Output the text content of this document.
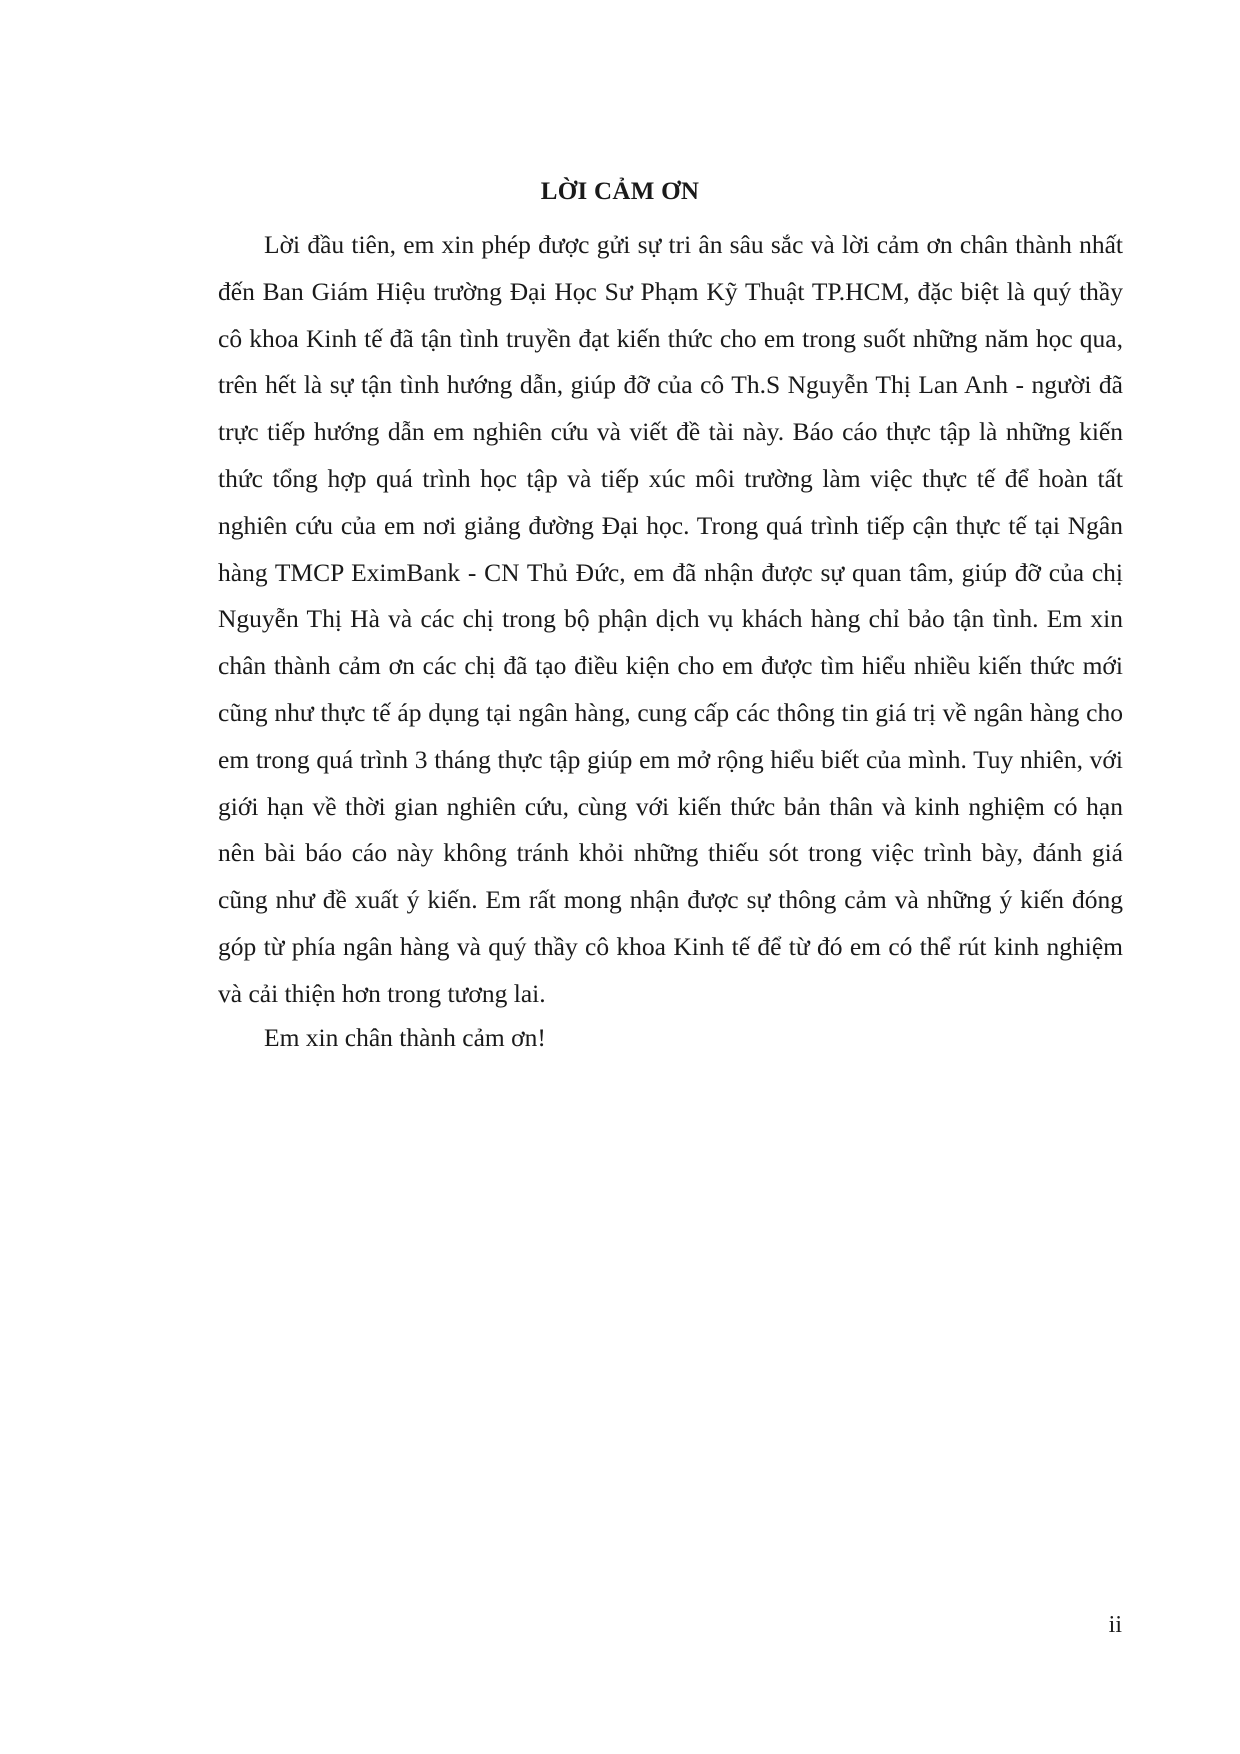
LỜI CẢM ƠN

Lời đầu tiên, em xin phép được gửi sự tri ân sâu sắc và lời cảm ơn chân thành nhất đến Ban Giám Hiệu trường Đại Học Sư Phạm Kỹ Thuật TP.HCM, đặc biệt là quý thầy cô khoa Kinh tế đã tận tình truyền đạt kiến thức cho em trong suốt những năm học qua, trên hết là sự tận tình hướng dẫn, giúp đỡ của cô Th.S Nguyễn Thị Lan Anh - người đã trực tiếp hướng dẫn em nghiên cứu và viết đề tài này. Báo cáo thực tập là những kiến thức tổng hợp quá trình học tập và tiếp xúc môi trường làm việc thực tế để hoàn tất nghiên cứu của em nơi giảng đường Đại học. Trong quá trình tiếp cận thực tế tại Ngân hàng TMCP EximBank - CN Thủ Đức, em đã nhận được sự quan tâm, giúp đỡ của chị Nguyễn Thị Hà và các chị trong bộ phận dịch vụ khách hàng chỉ bảo tận tình. Em xin chân thành cảm ơn các chị đã tạo điều kiện cho em được tìm hiểu nhiều kiến thức mới cũng như thực tế áp dụng tại ngân hàng, cung cấp các thông tin giá trị về ngân hàng cho em trong quá trình 3 tháng thực tập giúp em mở rộng hiểu biết của mình. Tuy nhiên, với giới hạn về thời gian nghiên cứu, cùng với kiến thức bản thân và kinh nghiệm có hạn nên bài báo cáo này không tránh khỏi những thiếu sót trong việc trình bày, đánh giá cũng như đề xuất ý kiến. Em rất mong nhận được sự thông cảm và những ý kiến đóng góp từ phía ngân hàng và quý thầy cô khoa Kinh tế để từ đó em có thể rút kinh nghiệm và cải thiện hơn trong tương lai.

Em xin chân thành cảm ơn!

ii
